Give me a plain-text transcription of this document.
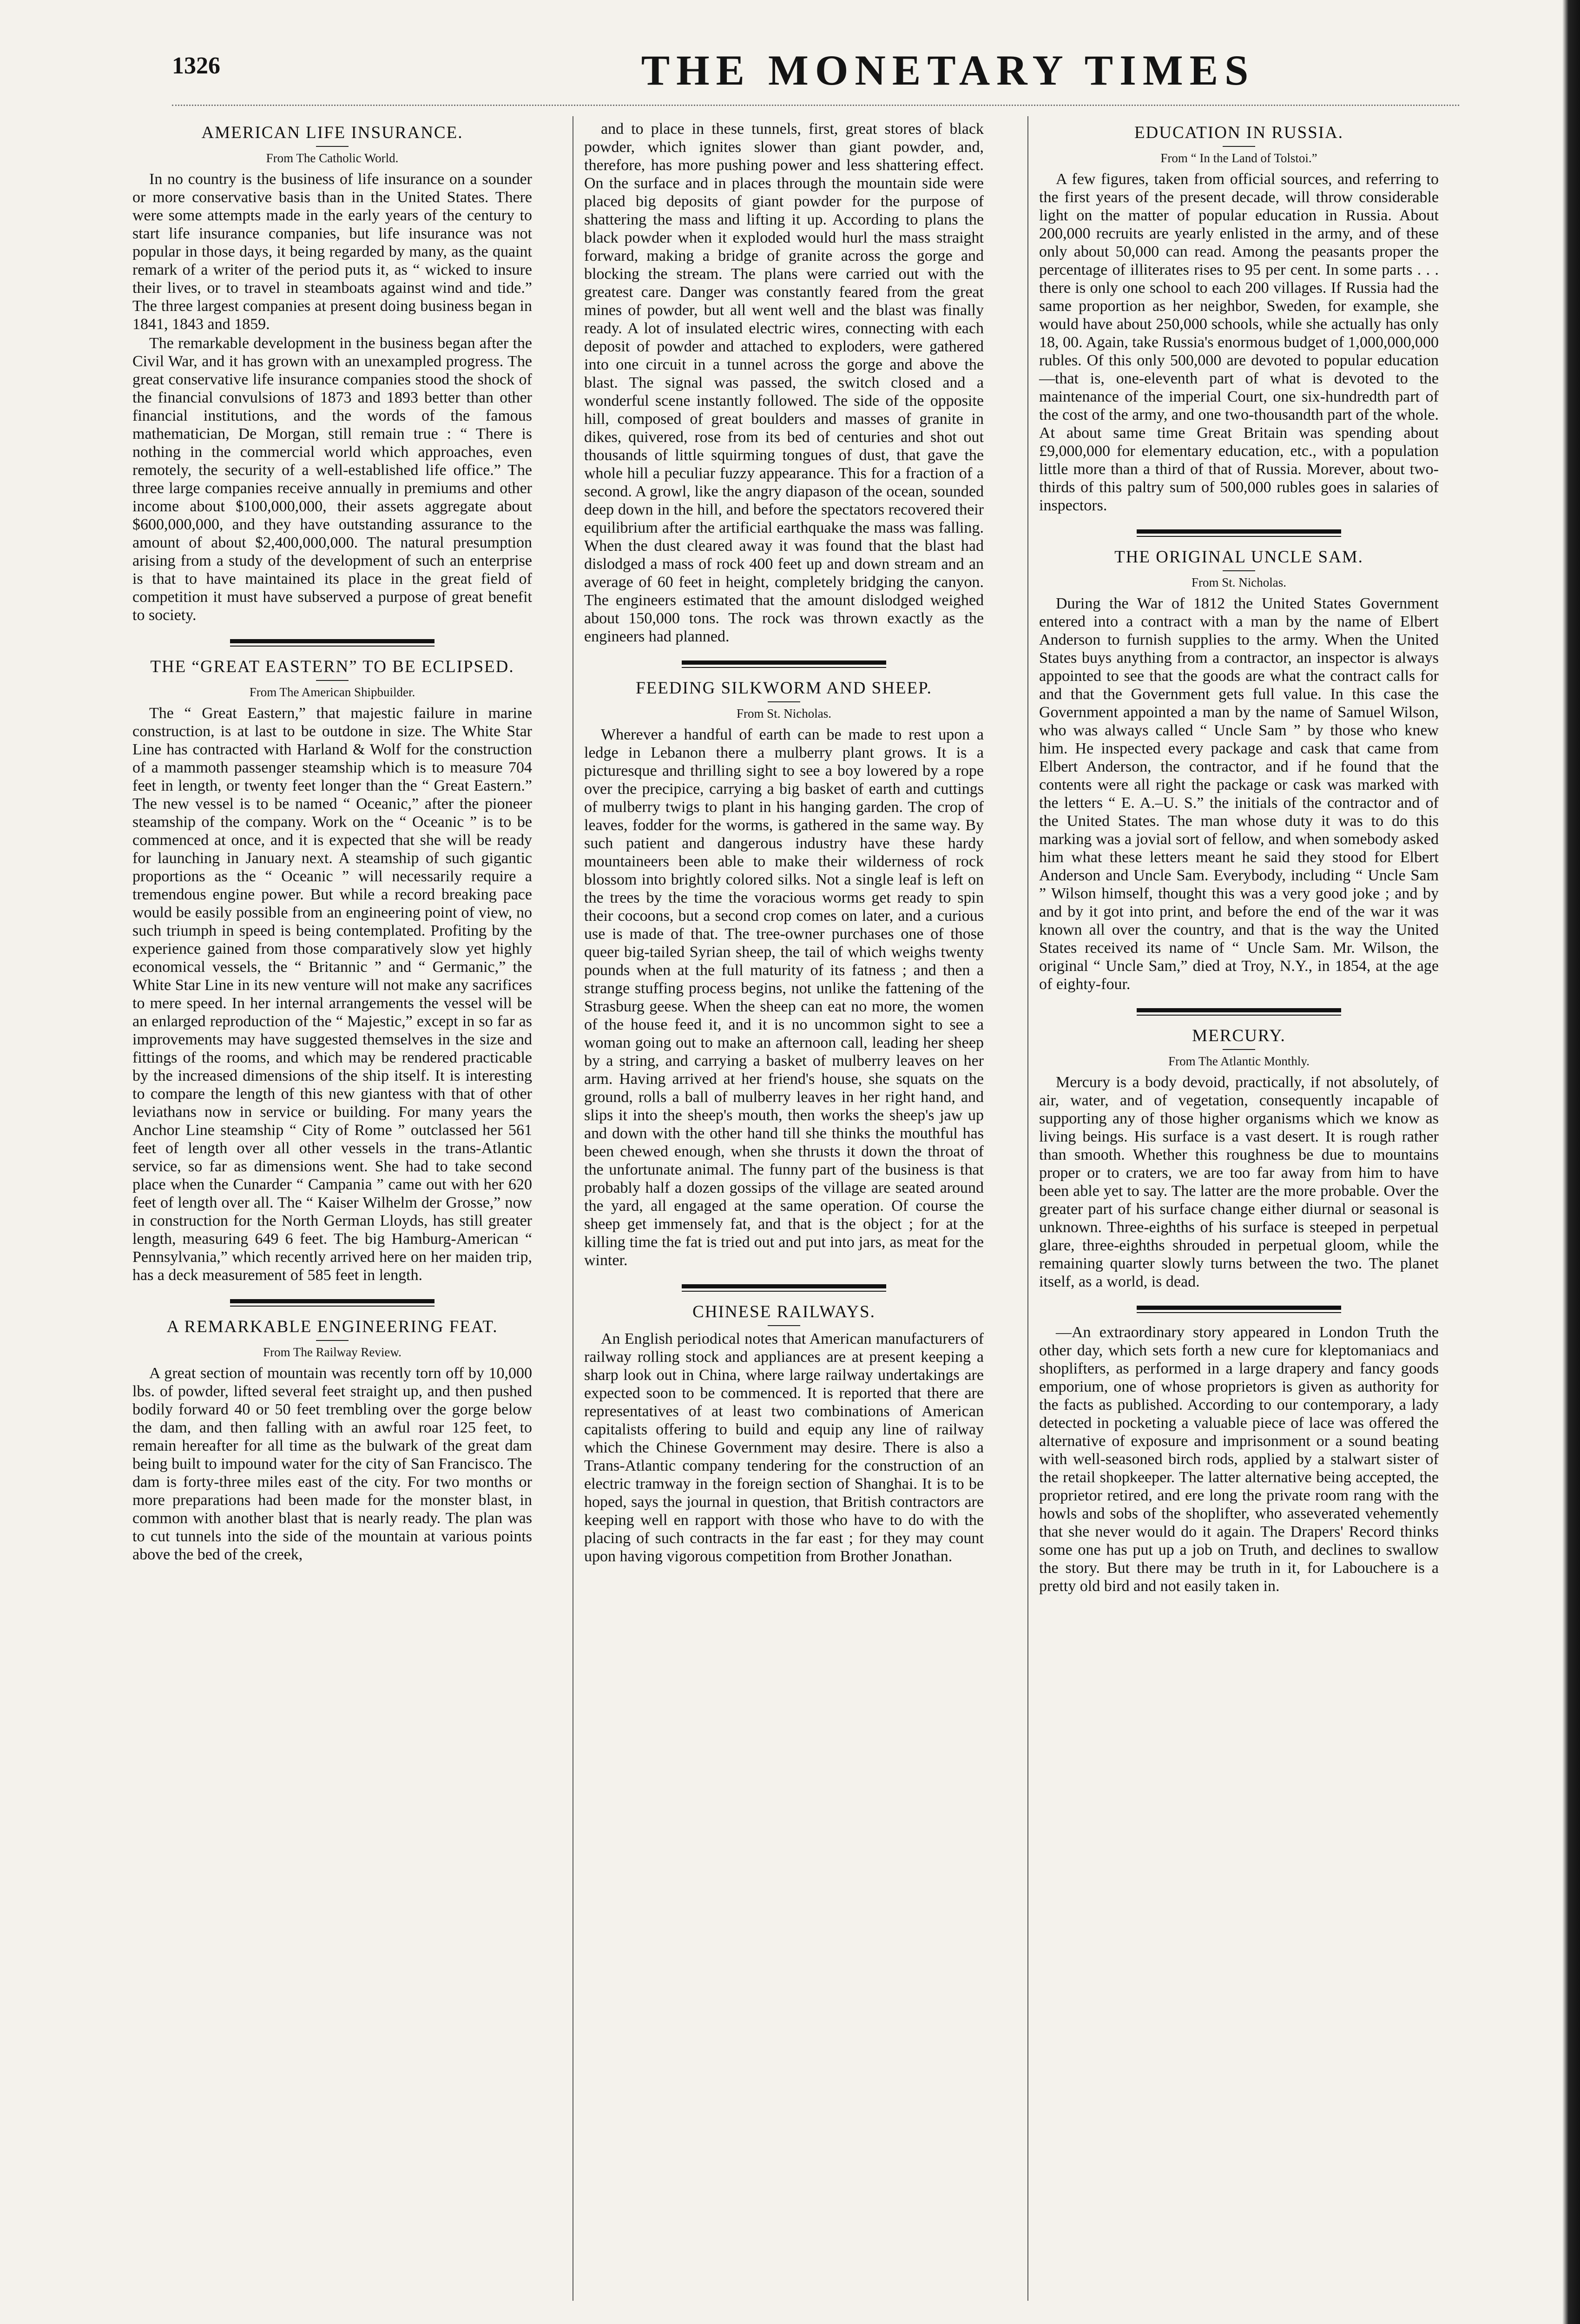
1326	THE MONETARY TIMES
AMERICAN LIFE INSURANCE.
From The Catholic World.

In no country is the business of life insurance on a sounder or more conservative basis than in the United States. There were some attempts made in the early years of the century to start life insurance companies, but life insurance was not popular in those days, it being regarded by many, as the quaint remark of a writer of the period puts it, as “ wicked to insure their lives, or to travel in steamboats against wind and tide.” The three largest companies at present doing business began in 1841, 1843 and 1859.

The remarkable development in the business began after the Civil War, and it has grown with an unexampled progress. The great conservative life insurance companies stood the shock of the financial convulsions of 1873 and 1893 better than other financial institutions, and the words of the famous mathematician, De Morgan, still remain true : “ There is nothing in the commercial world which approaches, even remotely, the security of a well-established life office.” The three large companies receive annually in premiums and other income about $100,000,000, their assets aggregate about $600,000,000, and they have outstanding assurance to the amount of about $2,400,000,000. The natural presumption arising from a study of the development of such an enterprise is that to have maintained its place in the great field of competition it must have subserved a purpose of great benefit to society.

THE “GREAT EASTERN” TO BE ECLIPSED.
From The American Shipbuilder.

The “ Great Eastern,” that majestic failure in marine construction, is at last to be outdone in size. The White Star Line has contracted with Harland & Wolf for the construction of a mammoth passenger steamship which is to measure 704 feet in length, or twenty feet longer than the “ Great Eastern.” The new vessel is to be named “ Oceanic,” after the pioneer steamship of the company. Work on the “ Oceanic ” is to be commenced at once, and it is expected that she will be ready for launching in January next. A steamship of such gigantic proportions as the “ Oceanic ” will necessarily require a tremendous engine power. But while a record breaking pace would be easily possible from an engineering point of view, no such triumph in speed is being contemplated. Profiting by the experience gained from those comparatively slow yet highly economical vessels, the “ Britannic ” and “ Germanic,” the White Star Line in its new venture will not make any sacrifices to mere speed. In her internal arrangements the vessel will be an enlarged reproduction of the “ Majestic,” except in so far as improvements may have suggested themselves in the size and fittings of the rooms, and which may be rendered practicable by the increased dimensions of the ship itself. It is interesting to compare the length of this new giantess with that of other leviathans now in service or building. For many years the Anchor Line steamship “ City of Rome ” outclassed her 561 feet of length over all other vessels in the trans-Atlantic service, so far as dimensions went. She had to take second place when the Cunarder “ Campania ” came out with her 620 feet of length over all. The “ Kaiser Wilhelm der Grosse,” now in construction for the North German Lloyds, has still greater length, measuring 649 6 feet. The big Hamburg-American “ Pennsylvania,” which recently arrived here on her maiden trip, has a deck measurement of 585 feet in length.

A REMARKABLE ENGINEERING FEAT.
From The Railway Review.

A great section of mountain was recently torn off by 10,000 lbs. of powder, lifted several feet straight up, and then pushed bodily forward 40 or 50 feet trembling over the gorge below the dam, and then falling with an awful roar 125 feet, to remain hereafter for all time as the bulwark of the great dam being built to impound water for the city of San Francisco. The dam is forty-three miles east of the city. For two months or more preparations had been made for the monster blast, in common with another blast that is nearly ready. The plan was to cut tunnels into the side of the mountain at various points above the bed of the creek,

and to place in these tunnels, first, great stores of black powder, which ignites slower than giant powder, and, therefore, has more pushing power and less shattering effect. On the surface and in places through the mountain side were placed big deposits of giant powder for the purpose of shattering the mass and lifting it up. According to plans the black powder when it exploded would hurl the mass straight forward, making a bridge of granite across the gorge and blocking the stream. The plans were carried out with the greatest care. Danger was constantly feared from the great mines of powder, but all went well and the blast was finally ready. A lot of insulated electric wires, connecting with each deposit of powder and attached to exploders, were gathered into one circuit in a tunnel across the gorge and above the blast. The signal was passed, the switch closed and a wonderful scene instantly followed. The side of the opposite hill, composed of great boulders and masses of granite in dikes, quivered, rose from its bed of centuries and shot out thousands of little squirming tongues of dust, that gave the whole hill a peculiar fuzzy appearance. This for a fraction of a second. A growl, like the angry diapason of the ocean, sounded deep down in the hill, and before the spectators recovered their equilibrium after the artificial earthquake the mass was falling. When the dust cleared away it was found that the blast had dislodged a mass of rock 400 feet up and down stream and an average of 60 feet in height, completely bridging the canyon. The engineers estimated that the amount dislodged weighed about 150,000 tons. The rock was thrown exactly as the engineers had planned.

FEEDING SILKWORM AND SHEEP.
From St. Nicholas.

Wherever a handful of earth can be made to rest upon a ledge in Lebanon there a mulberry plant grows. It is a picturesque and thrilling sight to see a boy lowered by a rope over the precipice, carrying a big basket of earth and cuttings of mulberry twigs to plant in his hanging garden. The crop of leaves, fodder for the worms, is gathered in the same way. By such patient and dangerous industry have these hardy mountaineers been able to make their wilderness of rock blossom into brightly colored silks. Not a single leaf is left on the trees by the time the voracious worms get ready to spin their cocoons, but a second crop comes on later, and a curious use is made of that. The tree-owner purchases one of those queer big-tailed Syrian sheep, the tail of which weighs twenty pounds when at the full maturity of its fatness ; and then a strange stuffing process begins, not unlike the fattening of the Strasburg geese. When the sheep can eat no more, the women of the house feed it, and it is no uncommon sight to see a woman going out to make an afternoon call, leading her sheep by a string, and carrying a basket of mulberry leaves on her arm. Having arrived at her friend's house, she squats on the ground, rolls a ball of mulberry leaves in her right hand, and slips it into the sheep's mouth, then works the sheep's jaw up and down with the other hand till she thinks the mouthful has been chewed enough, when she thrusts it down the throat of the unfortunate animal. The funny part of the business is that probably half a dozen gossips of the village are seated around the yard, all engaged at the same operation. Of course the sheep get immensely fat, and that is the object ; for at the killing time the fat is tried out and put into jars, as meat for the winter.

CHINESE RAILWAYS.

An English periodical notes that American manufacturers of railway rolling stock and appliances are at present keeping a sharp look out in China, where large railway undertakings are expected soon to be commenced. It is reported that there are representatives of at least two combinations of American capitalists offering to build and equip any line of railway which the Chinese Government may desire. There is also a Trans-Atlantic company tendering for the construction of an electric tramway in the foreign section of Shanghai. It is to be hoped, says the journal in question, that British contractors are keeping well en rapport with those who have to do with the placing of such contracts in the far east ; for they may count upon having vigorous competition from Brother Jonathan.

EDUCATION IN RUSSIA.
From “ In the Land of Tolstoi.”

A few figures, taken from official sources, and referring to the first years of the present decade, will throw considerable light on the matter of popular education in Russia. About 200,000 recruits are yearly enlisted in the army, and of these only about 50,000 can read. Among the peasants proper the percentage of illiterates rises to 95 per cent. In some parts . . . there is only one school to each 200 villages. If Russia had the same proportion as her neighbor, Sweden, for example, she would have about 250,000 schools, while she actually has only 18, 00. Again, take Russia's enormous budget of 1,000,000,000 rubles. Of this only 500,000 are devoted to popular education —that is, one-eleventh part of what is devoted to the maintenance of the imperial Court, one six-hundredth part of the cost of the army, and one two-thousandth part of the whole. At about same time Great Britain was spending about £9,000,000 for elementary education, etc., with a population little more than a third of that of Russia. Morever, about two-thirds of this paltry sum of 500,000 rubles goes in salaries of inspectors.

THE ORIGINAL UNCLE SAM.
From St. Nicholas.

During the War of 1812 the United States Government entered into a contract with a man by the name of Elbert Anderson to furnish supplies to the army. When the United States buys anything from a contractor, an inspector is always appointed to see that the goods are what the contract calls for and that the Government gets full value. In this case the Government appointed a man by the name of Samuel Wilson, who was always called “ Uncle Sam ” by those who knew him. He inspected every package and cask that came from Elbert Anderson, the contractor, and if he found that the contents were all right the package or cask was marked with the letters “ E. A.–U. S.” the initials of the contractor and of the United States. The man whose duty it was to do this marking was a jovial sort of fellow, and when somebody asked him what these letters meant he said they stood for Elbert Anderson and Uncle Sam. Everybody, including “ Uncle Sam ” Wilson himself, thought this was a very good joke ; and by and by it got into print, and before the end of the war it was known all over the country, and that is the way the United States received its name of “ Uncle Sam. Mr. Wilson, the original “ Uncle Sam,” died at Troy, N.Y., in 1854, at the age of eighty-four.

MERCURY.
From The Atlantic Monthly.

Mercury is a body devoid, practically, if not absolutely, of air, water, and of vegetation, consequently incapable of supporting any of those higher organisms which we know as living beings. His surface is a vast desert. It is rough rather than smooth. Whether this roughness be due to mountains proper or to craters, we are too far away from him to have been able yet to say. The latter are the more probable. Over the greater part of his surface change either diurnal or seasonal is unknown. Three-eighths of his surface is steeped in perpetual glare, three-eighths shrouded in perpetual gloom, while the remaining quarter slowly turns between the two. The planet itself, as a world, is dead.

—An extraordinary story appeared in London Truth the other day, which sets forth a new cure for kleptomaniacs and shoplifters, as performed in a large drapery and fancy goods emporium, one of whose proprietors is given as authority for the facts as published. According to our contemporary, a lady detected in pocketing a valuable piece of lace was offered the alternative of exposure and imprisonment or a sound beating with well-seasoned birch rods, applied by a stalwart sister of the retail shopkeeper. The latter alternative being accepted, the proprietor retired, and ere long the private room rang with the howls and sobs of the shoplifter, who asseverated vehemently that she never would do it again. The Drapers' Record thinks some one has put up a job on Truth, and declines to swallow the story. But there may be truth in it, for Labouchere is a pretty old bird and not easily taken in.
